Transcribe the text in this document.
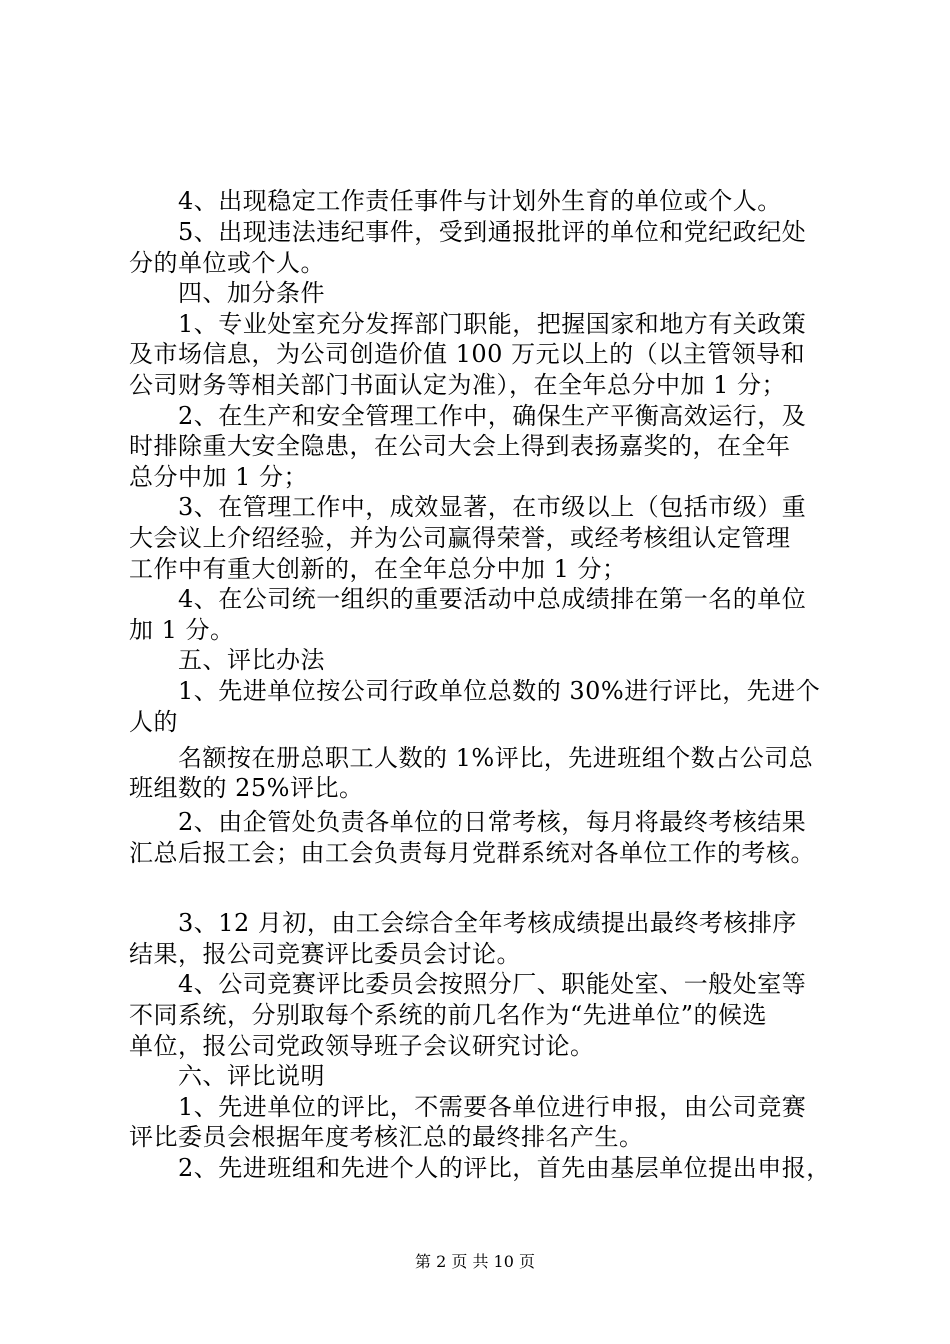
4、出现稳定工作责任事件与计划外生育的单位或个人。
5、出现违法违纪事件，受到通报批评的单位和党纪政纪处
分的单位或个人。
四、加分条件
1、专业处室充分发挥部门职能，把握国家和地方有关政策
及市场信息，为公司创造价值 100 万元以上的（以主管领导和
公司财务等相关部门书面认定为准），在全年总分中加 1 分；
2、在生产和安全管理工作中，确保生产平衡高效运行，及
时排除重大安全隐患，在公司大会上得到表扬嘉奖的，在全年
总分中加 1 分；
3、在管理工作中，成效显著，在市级以上（包括市级）重
大会议上介绍经验，并为公司赢得荣誉，或经考核组认定管理
工作中有重大创新的，在全年总分中加 1 分；
4、在公司统一组织的重要活动中总成绩排在第一名的单位
加 1 分。
五、评比办法
1、先进单位按公司行政单位总数的 30%进行评比，先进个
人的
名额按在册总职工人数的 1%评比，先进班组个数占公司总
班组数的 25%评比。
2、由企管处负责各单位的日常考核，每月将最终考核结果
汇总后报工会；由工会负责每月党群系统对各单位工作的考核。
3、12 月初，由工会综合全年考核成绩提出最终考核排序
结果，报公司竞赛评比委员会讨论。
4、公司竞赛评比委员会按照分厂、职能处室、一般处室等
不同系统，分别取每个系统的前几名作为“先进单位”的候选
单位，报公司党政领导班子会议研究讨论。
六、评比说明
1、先进单位的评比，不需要各单位进行申报，由公司竞赛
评比委员会根据年度考核汇总的最终排名产生。
2、先进班组和先进个人的评比，首先由基层单位提出申报，
第 2 页 共 10 页
